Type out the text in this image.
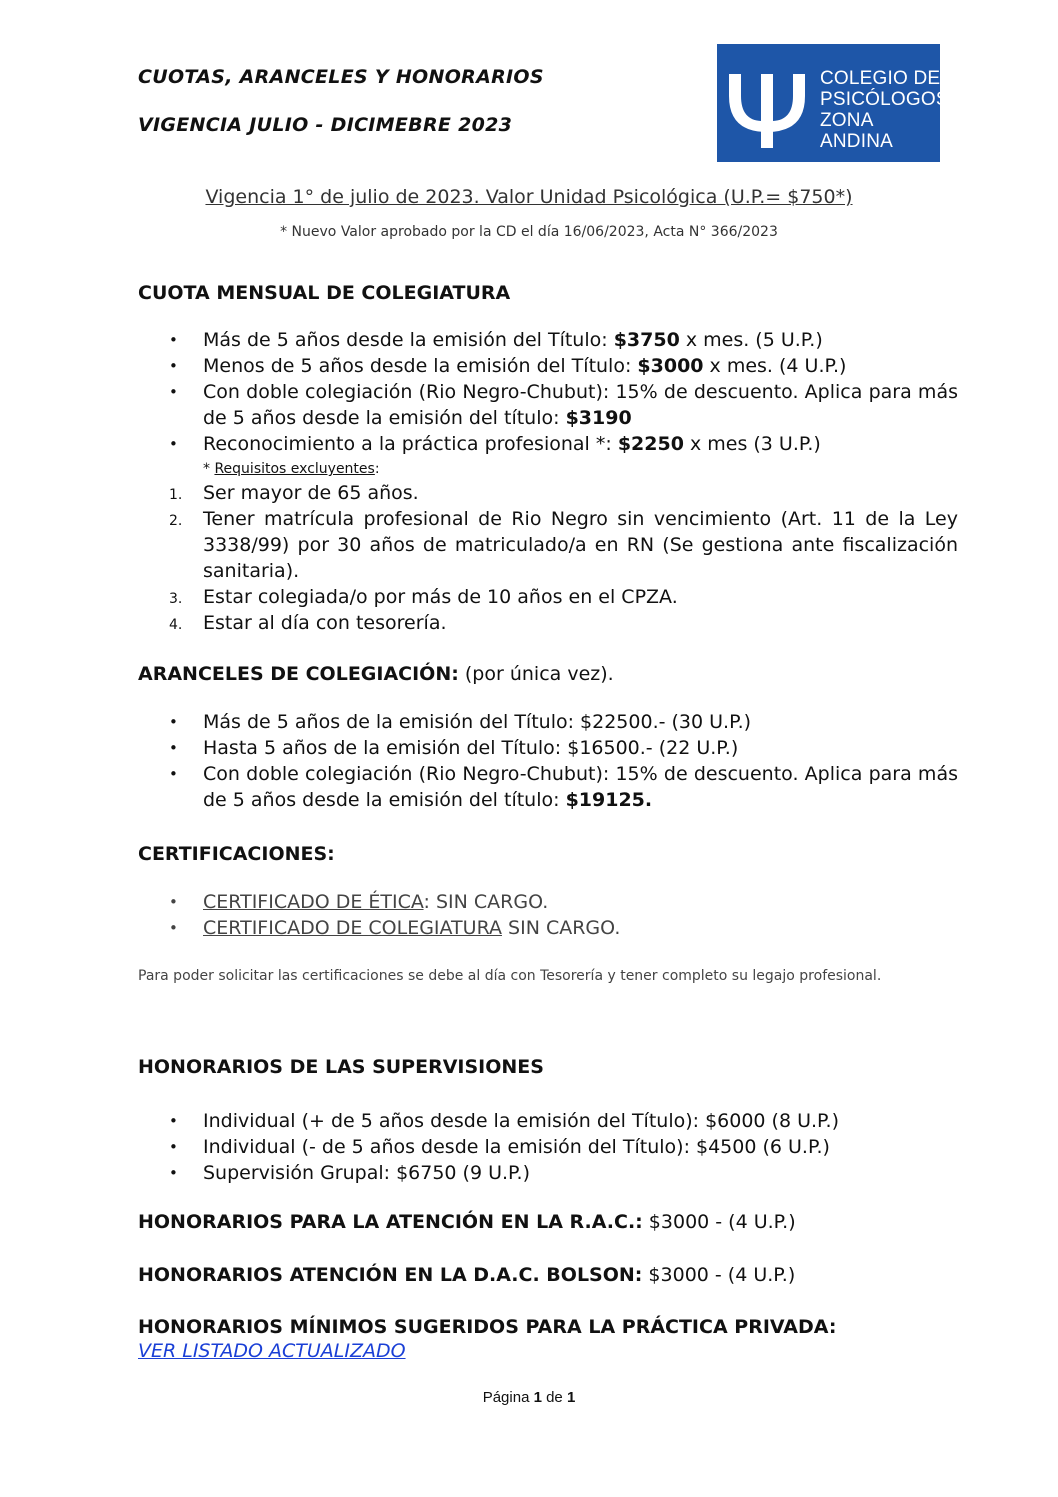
CUOTAS, ARANCELES Y HONORARIOS
VIGENCIA JULIO - DICIMEBRE 2023
COLEGIO DE
PSICÓLOGOS
ZONA ANDINA
Vigencia 1° de julio de 2023. Valor Unidad Psicológica (U.P.= $750*)
* Nuevo Valor aprobado por la CD el día 16/06/2023, Acta N° 366/2023
CUOTA MENSUAL DE COLEGIATURA
• Más de 5 años desde la emisión del Título: $3750 x mes. (5 U.P.)
• Menos de 5 años desde la emisión del Título: $3000 x mes. (4 U.P.)
• Con doble colegiación (Rio Negro-Chubut): 15% de descuento. Aplica para más de 5 años desde la emisión del título: $3190
• Reconocimiento a la práctica profesional *: $2250 x mes (3 U.P.)
* Requisitos excluyentes:
1. Ser mayor de 65 años.
2. Tener matrícula profesional de Rio Negro sin vencimiento (Art. 11 de la Ley 3338/99) por 30 años de matriculado/a en RN (Se gestiona ante fiscalización sanitaria).
3. Estar colegiada/o por más de 10 años en el CPZA.
4. Estar al día con tesorería.
ARANCELES DE COLEGIACIÓN: (por única vez).
• Más de 5 años de la emisión del Título: $22500.- (30 U.P.)
• Hasta 5 años de la emisión del Título: $16500.- (22 U.P.)
• Con doble colegiación (Rio Negro-Chubut): 15% de descuento. Aplica para más de 5 años desde la emisión del título: $19125.
CERTIFICACIONES:
• CERTIFICADO DE ÉTICA: SIN CARGO.
• CERTIFICADO DE COLEGIATURA SIN CARGO.
Para poder solicitar las certificaciones se debe al día con Tesorería y tener completo su legajo profesional.
HONORARIOS DE LAS SUPERVISIONES
• Individual (+ de 5 años desde la emisión del Título): $6000 (8 U.P.)
• Individual (- de 5 años desde la emisión del Título): $4500 (6 U.P.)
• Supervisión Grupal: $6750 (9 U.P.)
HONORARIOS PARA LA ATENCIÓN EN LA R.A.C.: $3000 - (4 U.P.)
HONORARIOS ATENCIÓN EN LA D.A.C. BOLSON: $3000 - (4 U.P.)
HONORARIOS MÍNIMOS SUGERIDOS PARA LA PRÁCTICA PRIVADA:
VER LISTADO ACTUALIZADO
Página 1 de 1
